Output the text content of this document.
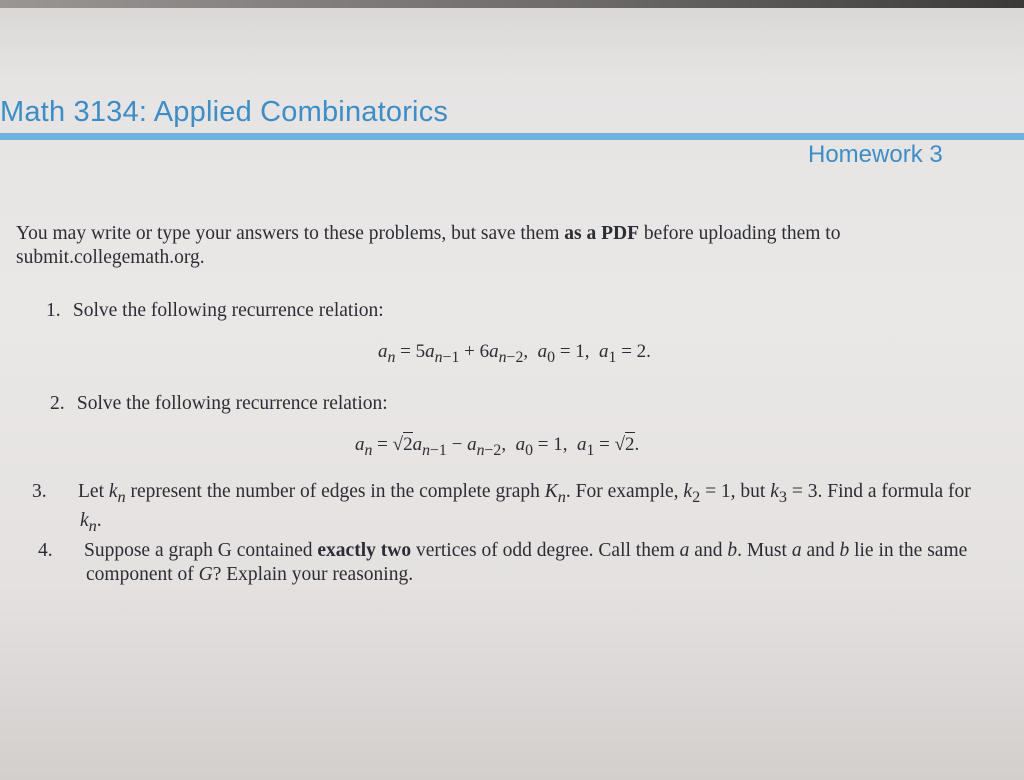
Math 3134: Applied Combinatorics
Homework 3
You may write or type your answers to these problems, but save them as a PDF before uploading them to submit.collegemath.org.
1. Solve the following recurrence relation:
$a_n = 5a_{n-1} + 6a_{n-2}$,  $a_0 = 1$,  $a_1 = 2$.
2. Solve the following recurrence relation:
$a_n = √2a_{n-1} - a_{n-2}$,  $a_0 = 1$,  $a_1 = √2$.
3. Let $k_n$ represent the number of edges in the complete graph $K_n$. For example, $k_2 = 1$, but $k_3 = 3$. Find a formula for $k_n$.
4. Suppose a graph G contained exactly two vertices of odd degree. Call them a and b. Must a and b lie in the same component of G? Explain your reasoning.
